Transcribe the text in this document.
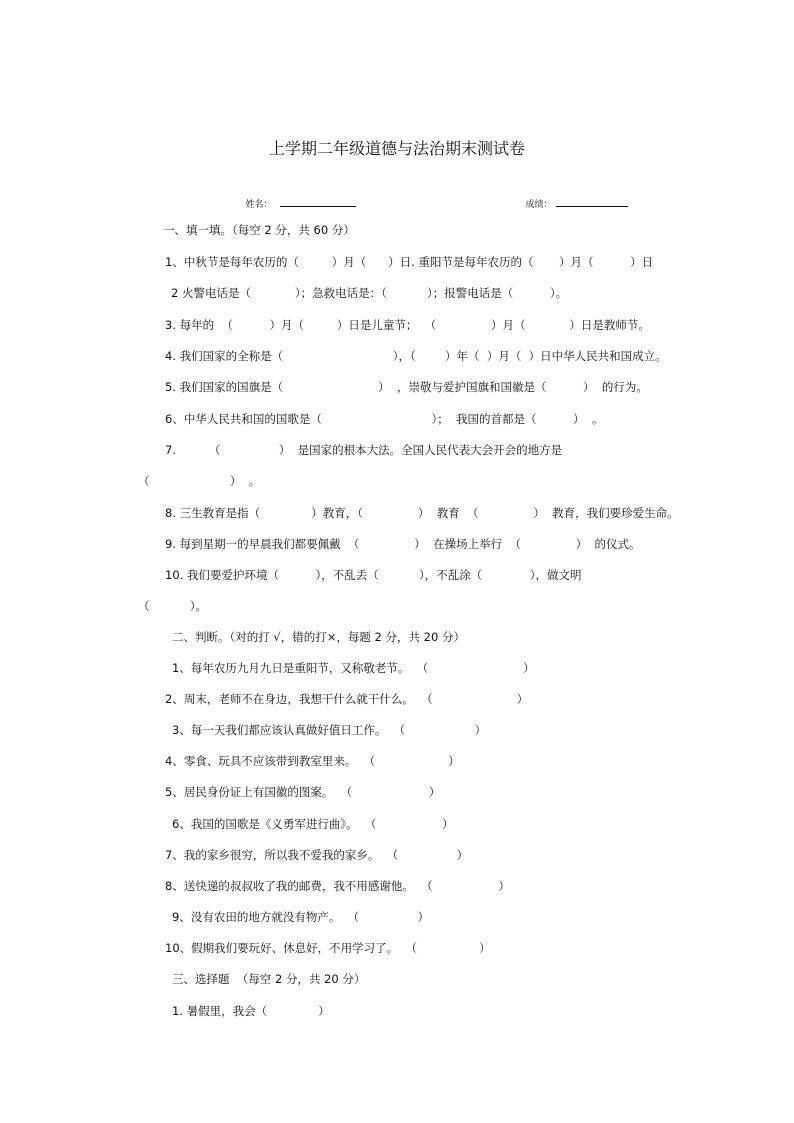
上学期二年级道德与法治期末测试卷

姓名：
	成绩：

一、填一填。（每空 2 分，共 60 分）
1、中秋节是每年农历的（         ）月（      ）日. 重阳节是每年农历的（       ）月（          ）日
2 火警电话是（            ）；急救电话是：（           ）；报警电话是（          ）。
3. 每年的  （          ）月（         ）日是儿童节；  （               ）月（            ）日是教师节。
4. 我们国家的全称是（                              ），（        ）年（  ）月（  ）日中华人民共和国成立。
5. 我们国家的国旗是（                          ）  ，崇敬与爱护国旗和国徽是（          ）  的行为。
6、中华人民共和国的国歌是（                              ）；  我国的首都是（          ）  。
7.         （                ）  是国家的根本大法。全国人民代表大会开会的地方是
（                      ）  。
8. 三生教育是指（              ）教育，（               ）  教育  （               ）  教育，我们要珍爱生命。
9. 每到星期一的早晨我们都要佩戴  （               ）  在操场上举行  （               ）  的仪式。
10. 我们要爱护环境（          ），不乱丢（           ），不乱涂（             ），做文明
（           ）。
二、判断。（对的打 √，错的打×，每题 2 分，共 20 分）
1、每年农历九月九日是重阳节，又称敬老节。  （                          ）
2、周末，老师不在身边，我想干什么就干什么。  （                       ）
3、每一天我们都应该认真做好值日工作。  （                   ）
4、零食、玩具不应该带到教室里来。  （                    ）
5、居民身份证上有国徽的图案。  （                     ）
6、我国的国歌是《义勇军进行曲》。  （                  ）
7、我的家乡很穷，所以我不爱我的家乡。  （                ）
8、送快递的叔叔收了我的邮费，我不用感谢他。  （                  ）
9、没有农田的地方就没有物产。  （                ）
10、假期我们要玩好、休息好，不用学习了。  （                 ）
三、选择题  （每空 2 分，共 20 分）
1. 暑假里，我会（              ）
